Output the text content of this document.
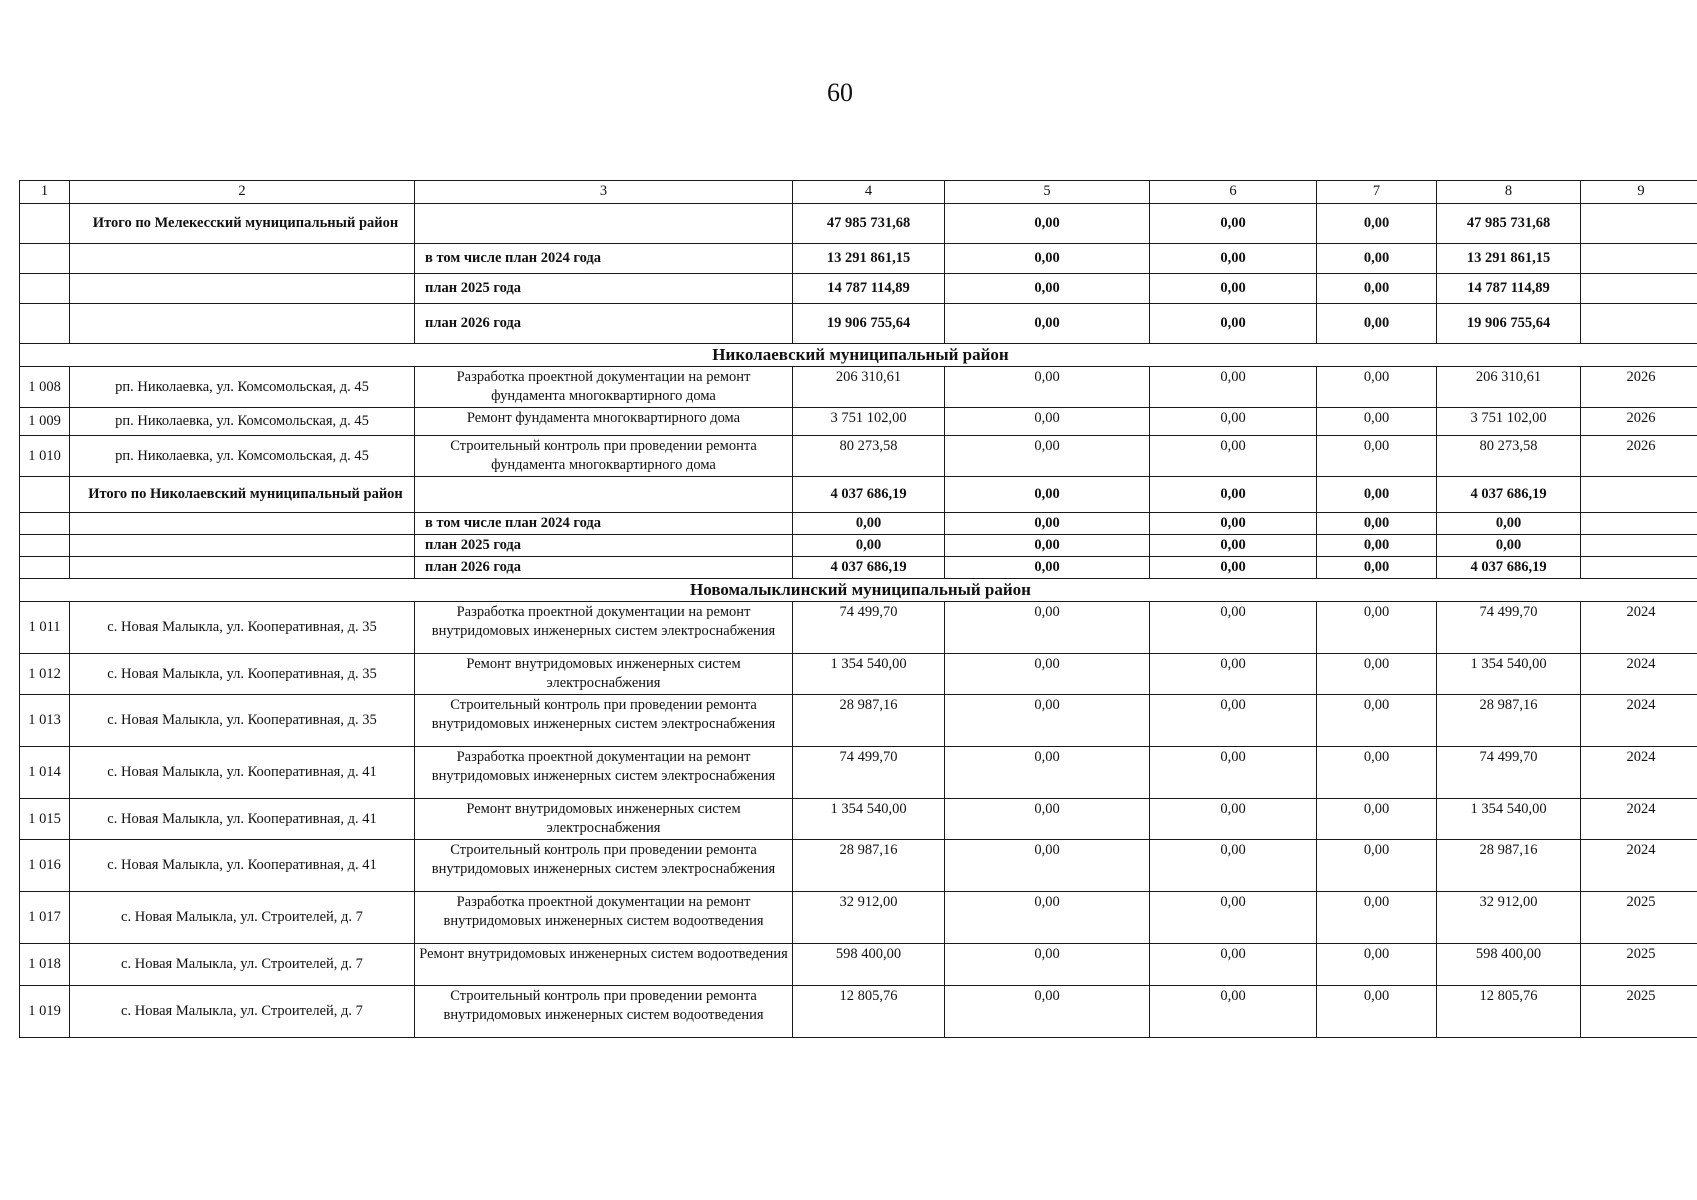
60
1	2	3	4	5	6	7	8	9
	Итого по Мелекесский муниципальный район		47 985 731,68	0,00	0,00	0,00	47 985 731,68	
		в том числе план 2024 года	13 291 861,15	0,00	0,00	0,00	13 291 861,15	
		план 2025 года	14 787 114,89	0,00	0,00	0,00	14 787 114,89	
		план 2026 года	19 906 755,64	0,00	0,00	0,00	19 906 755,64	
Николаевский муниципальный район								
1 008	рп. Николаевка, ул. Комсомольская, д. 45	Разработка проектной документации на ремонт фундамента многоквартирного дома	206 310,61	0,00	0,00	0,00	206 310,61	2026
1 009	рп. Николаевка, ул. Комсомольская, д. 45	Ремонт фундамента многоквартирного дома	3 751 102,00	0,00	0,00	0,00	3 751 102,00	2026
1 010	рп. Николаевка, ул. Комсомольская, д. 45	Строительный контроль при проведении ремонта фундамента многоквартирного дома	80 273,58	0,00	0,00	0,00	80 273,58	2026
	Итого по Николаевский муниципальный район		4 037 686,19	0,00	0,00	0,00	4 037 686,19	
		в том числе план 2024 года	0,00	0,00	0,00	0,00	0,00	
		план 2025 года	0,00	0,00	0,00	0,00	0,00	
		план 2026 года	4 037 686,19	0,00	0,00	0,00	4 037 686,19	
Новомалыклинский муниципальный район								
1 011	с. Новая Малыкла, ул. Кооперативная, д. 35	Разработка проектной документации на ремонт внутридомовых инженерных систем электроснабжения	74 499,70	0,00	0,00	0,00	74 499,70	2024
1 012	с. Новая Малыкла, ул. Кооперативная, д. 35	Ремонт внутридомовых инженерных систем электроснабжения	1 354 540,00	0,00	0,00	0,00	1 354 540,00	2024
1 013	с. Новая Малыкла, ул. Кооперативная, д. 35	Строительный контроль при проведении ремонта внутридомовых инженерных систем электроснабжения	28 987,16	0,00	0,00	0,00	28 987,16	2024
1 014	с. Новая Малыкла, ул. Кооперативная, д. 41	Разработка проектной документации на ремонт внутридомовых инженерных систем электроснабжения	74 499,70	0,00	0,00	0,00	74 499,70	2024
1 015	с. Новая Малыкла, ул. Кооперативная, д. 41	Ремонт внутридомовых инженерных систем электроснабжения	1 354 540,00	0,00	0,00	0,00	1 354 540,00	2024
1 016	с. Новая Малыкла, ул. Кооперативная, д. 41	Строительный контроль при проведении ремонта внутридомовых инженерных систем электроснабжения	28 987,16	0,00	0,00	0,00	28 987,16	2024
1 017	с. Новая Малыкла, ул. Строителей, д. 7	Разработка проектной документации на ремонт внутридомовых инженерных систем водоотведения	32 912,00	0,00	0,00	0,00	32 912,00	2025
1 018	с. Новая Малыкла, ул. Строителей, д. 7	Ремонт внутридомовых инженерных систем водоотведения	598 400,00	0,00	0,00	0,00	598 400,00	2025
1 019	с. Новая Малыкла, ул. Строителей, д. 7	Строительный контроль при проведении ремонта внутридомовых инженерных систем водоотведения	12 805,76	0,00	0,00	0,00	12 805,76	2025
